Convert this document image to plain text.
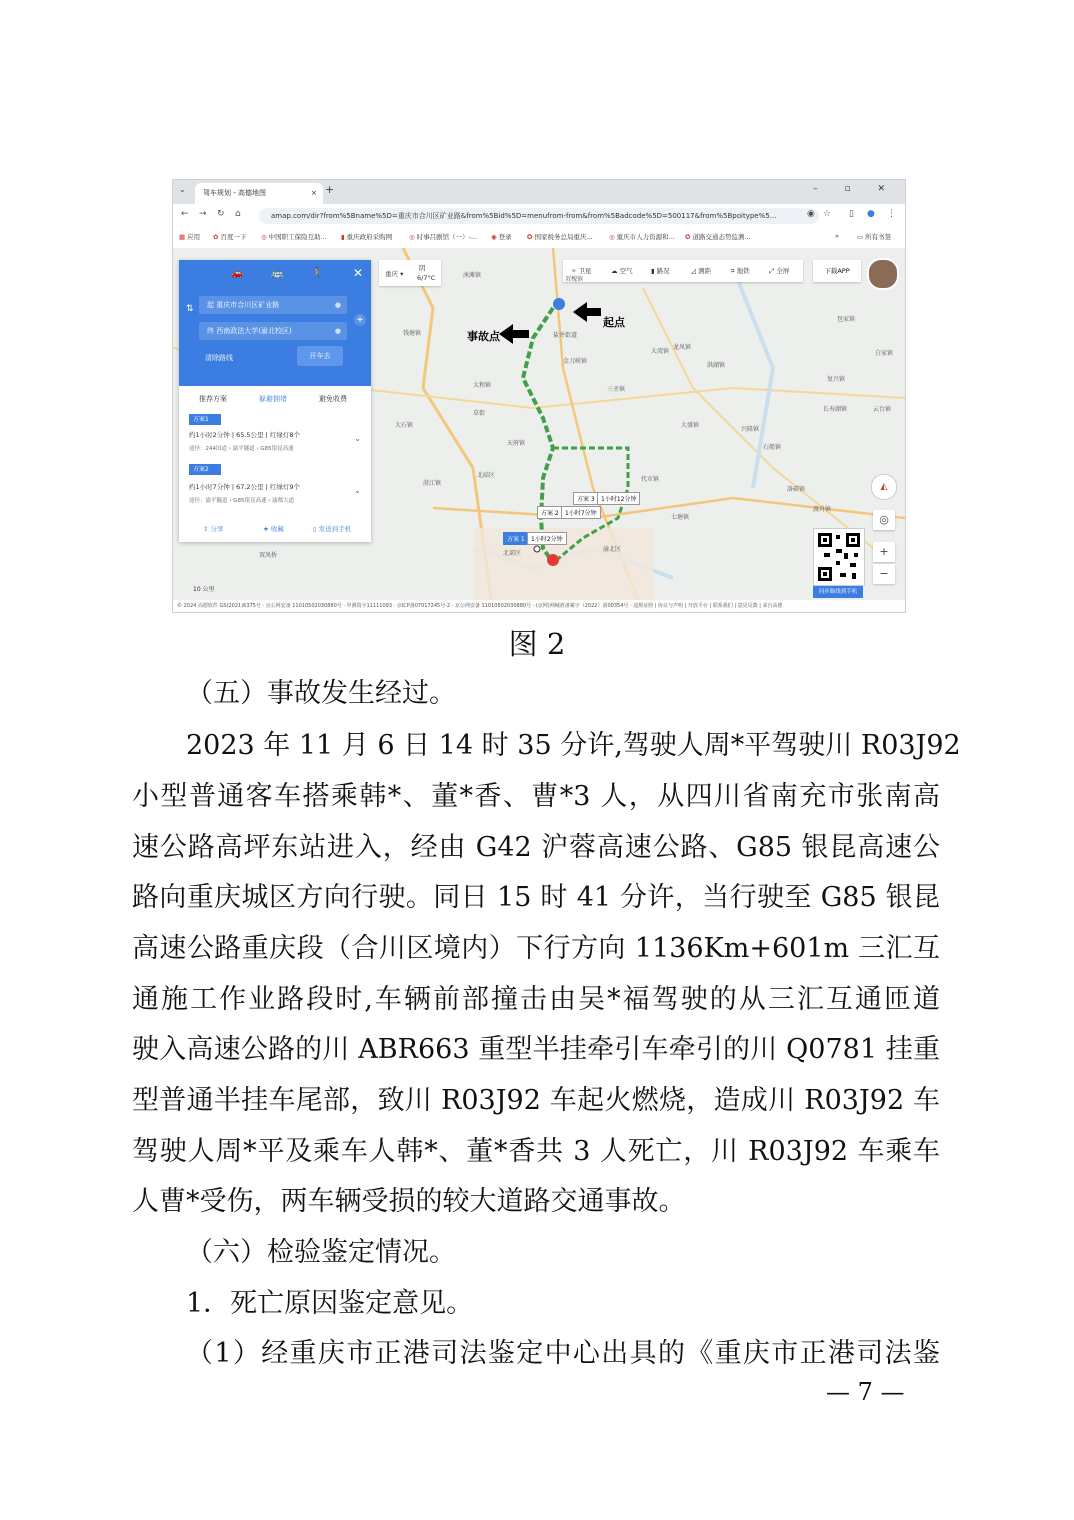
⌄	驾车规划 - 高德地图	× +	– ▫ ✕
← → ↻ ⌂	amap.com/dir?from%5Bname%5D=重庆市合川区矿业路&from%5Bid%5D=menufrom-from&from%5Badcode%5D=500117&from%5Bpoitype%5...	◉ ☆ ▯ ● ⋮
▦ 应用 ✿ 百度一下 ◎ 中国职工保险互助... ▮ 重庆政府采购网	◎ 时事吕剧馆（一）-... ◉ 登录 ✪ 国家税务总局重庆...	◎ 重庆市人力资源和... ✪ 道路交通态势监测...	»	▭ 所有书签
🚗	🚌	🚶 ✕
⇅	起 重庆市合川区矿业路	●
终 西南政法大学(渝北校区)	●
+
清除路线	开车去
推荐方案	躲避拥堵	避免收费
方案1
约1小时2分钟 | 65.5公里 | 红绿灯8个
途径：244国道 › 渝平隧道 › G85银昆高速
⌄
方案2
约1小时7分钟 | 67.2公里 | 红绿灯9个
途径：渝平隧道 › G85银昆高速 › 渝都大道
⌄
⇪ 分享	★ 收藏	▯ 发送到手机
重庆 ▾
阴
6/7°C
✧ 卫星	☁ 空气	▮ 路况	◿ 测距	⌗ 地铁	⤢ 全屏	下载APP
涞滩镇
双槐镇
钱塘镇
大石镇
龙凤镇
盐井街道
金刀峡镇
大湾镇
三圣镇
天府镇
北碚区
澄江镇
大盛镇
洛碛镇
长寿湖镇	云台镇
北部区
渝北区
草街
兴隆镇
代市镇
石船镇
洪湖镇
复兴镇
七塘镇
太和镇
包家镇
白家镇
渡舟镇
双凤桥
方案 3	1小时12分钟
方案 2	1小时7分钟
方案 1	1小时2分钟
事故点
起点
◭
◎
+
−
同步路线到手机
10 公里
© 2024 高德软件 GS(2021)6375号 · 京公网安备 11010502030880号 · 甲测资字11111093 · 京ICP备07017245号-2 · 京公网安备 11010502030880号 · (京网)网械准备案字（2022）第00354号 · 违规证照 | 协议与声明 | 开放平台 | 联系我们 | 意见反馈 | 来自高德
图 2
（五）事故发生经过。
2023 年 11 月 6 日 14 时 35 分许,驾驶人周*平驾驶川 R03J92
小型普通客车搭乘韩*、董*香、曹*3 人，从四川省南充市张南高
速公路高坪东站进入，经由 G42 沪蓉高速公路、G85 银昆高速公
路向重庆城区方向行驶。同日 15 时 41 分许，当行驶至 G85 银昆
高速公路重庆段（合川区境内）下行方向 1136Km+601m 三汇互
通施工作业路段时,车辆前部撞击由吴*福驾驶的从三汇互通匝道
驶入高速公路的川 ABR663 重型半挂牵引车牵引的川 Q0781 挂重
型普通半挂车尾部，致川 R03J92 车起火燃烧，造成川 R03J92 车
驾驶人周*平及乘车人韩*、董*香共 3 人死亡，川 R03J92 车乘车
人曹*受伤，两车辆受损的较大道路交通事故。
（六）检验鉴定情况。
1．死亡原因鉴定意见。
（1）经重庆市正港司法鉴定中心出具的《重庆市正港司法鉴
— 7 —
